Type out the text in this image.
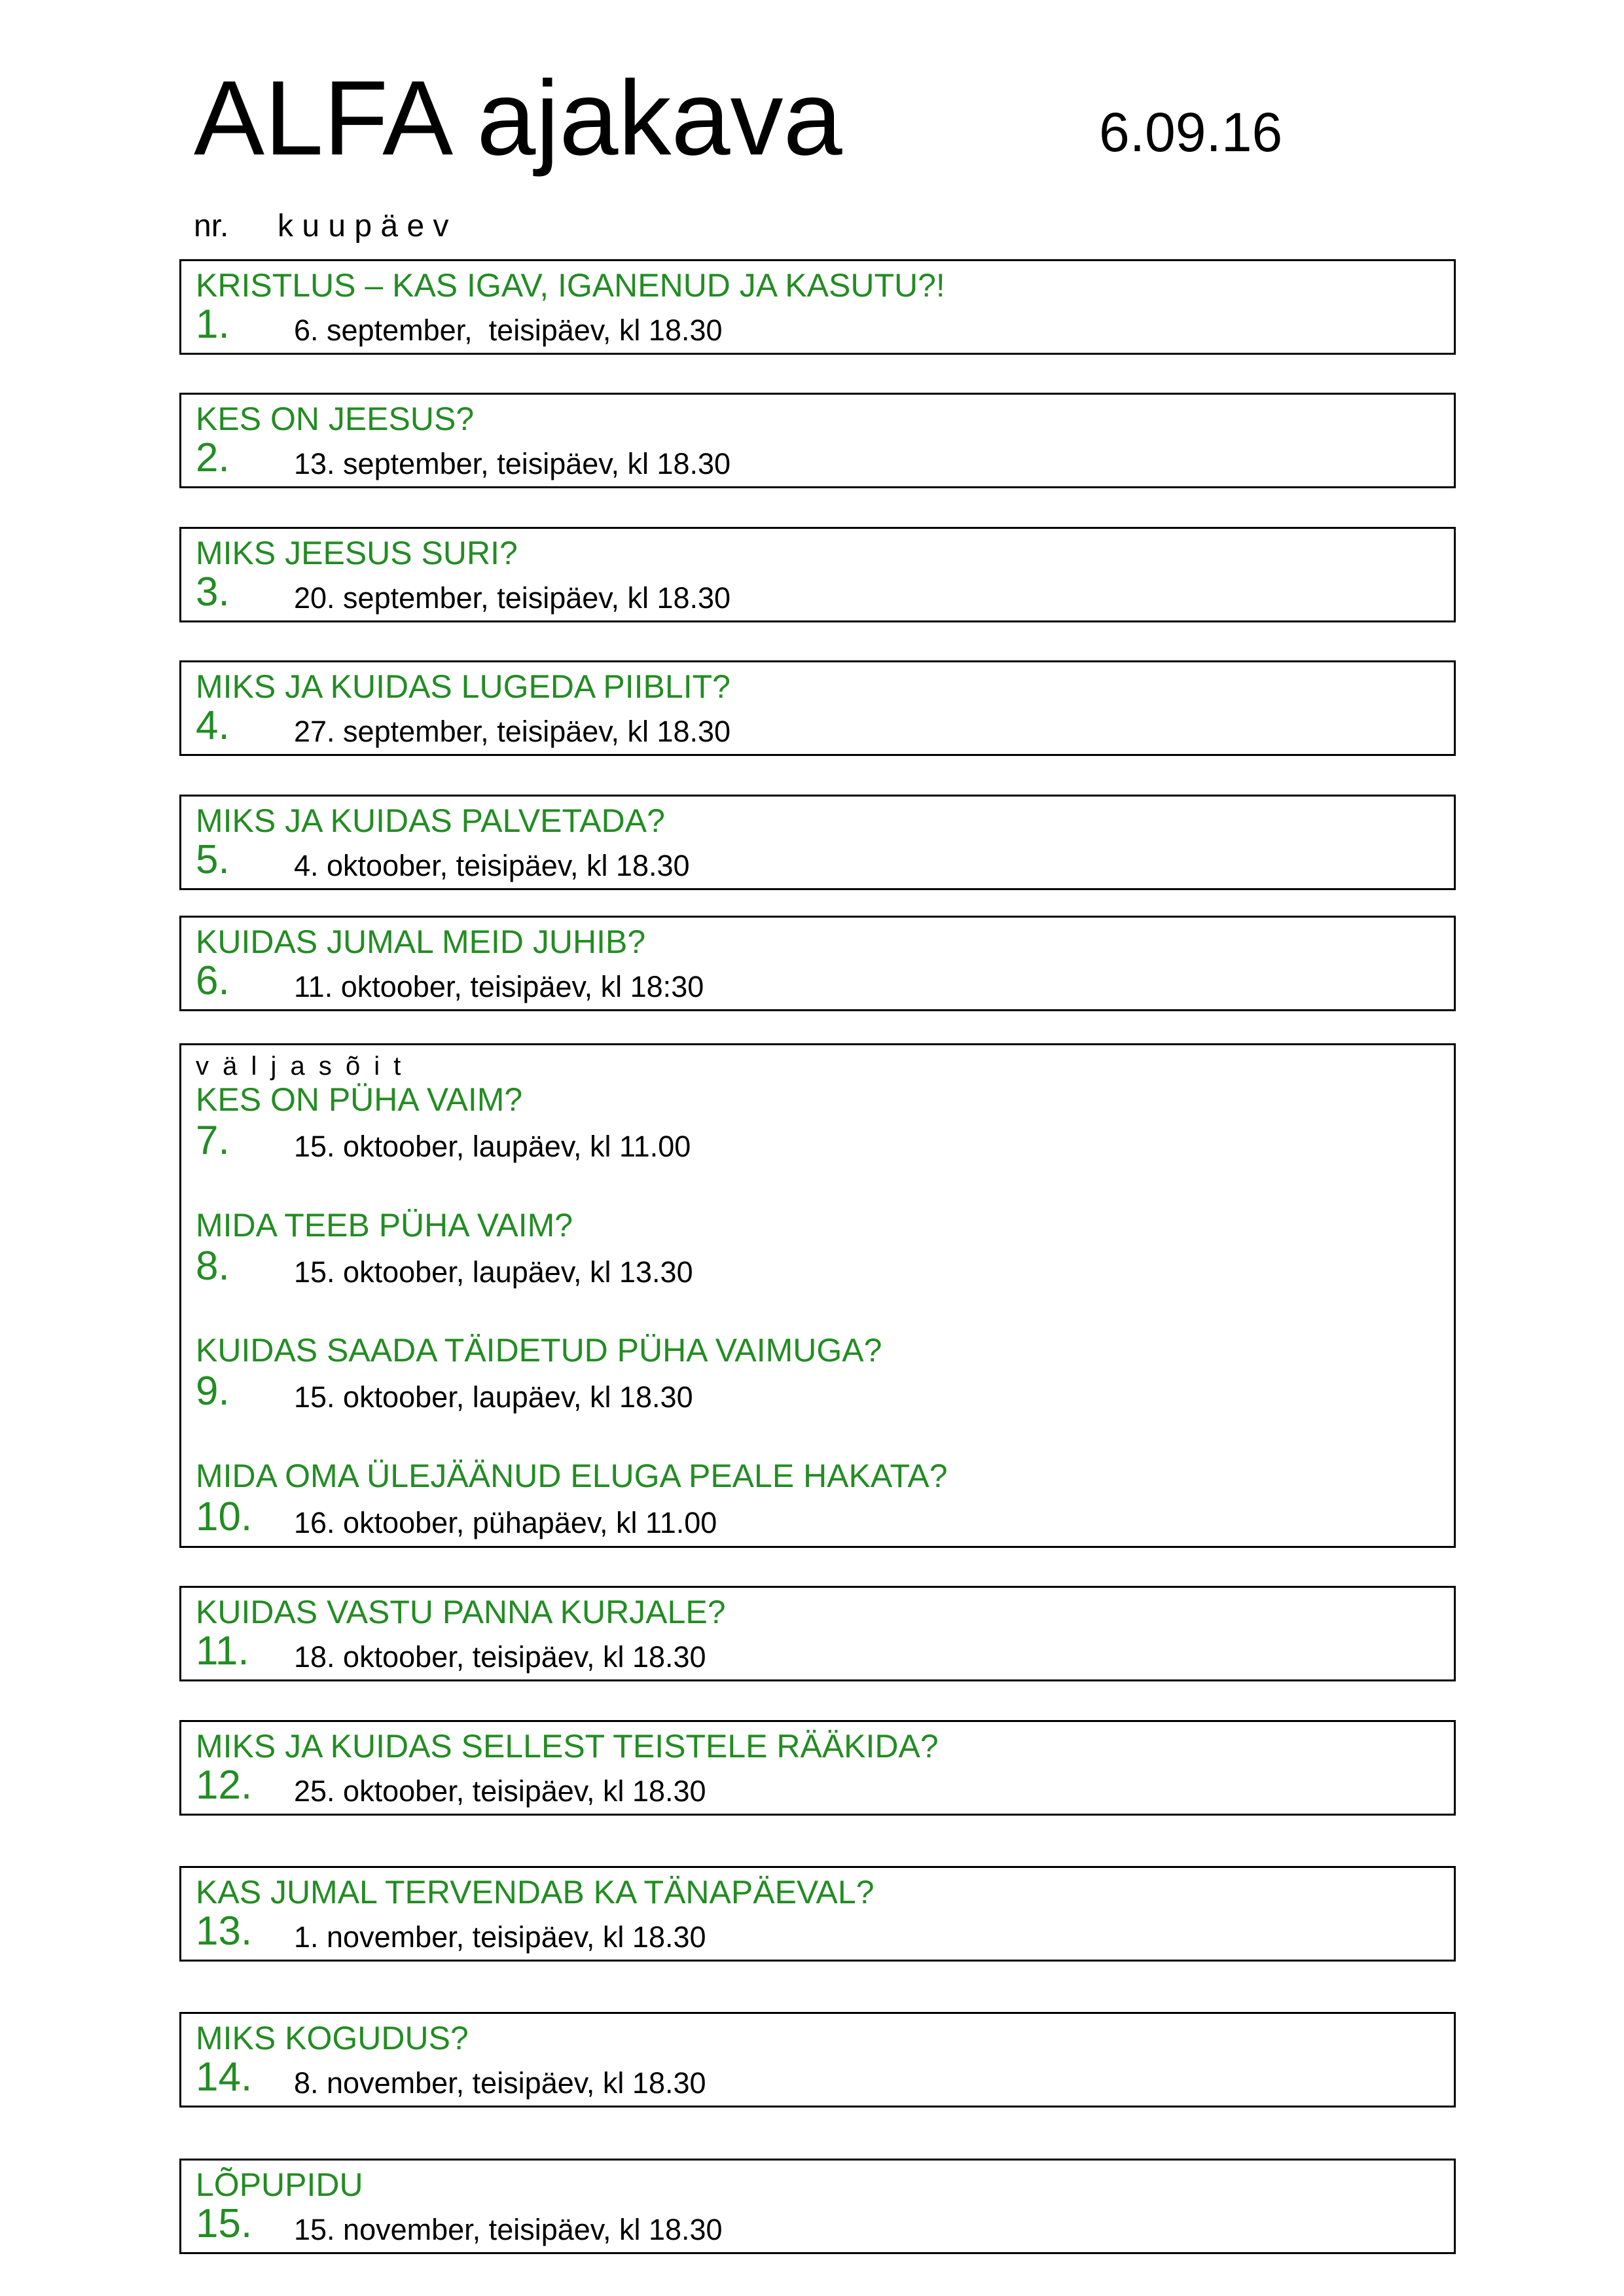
ALFA ajakava	6.09.16
nr. k u u p ä e v
KRISTLUS – KAS IGAV, IGANENUD JA KASUTU?!
1. 6. september,  teisipäev, kl 18.30
KES ON JEESUS?
2. 13. september, teisipäev, kl 18.30
MIKS JEESUS SURI?
3. 20. september, teisipäev, kl 18.30
MIKS JA KUIDAS LUGEDA PIIBLIT?
4. 27. september, teisipäev, kl 18.30
MIKS JA KUIDAS PALVETADA?
5. 4. oktoober, teisipäev, kl 18.30
KUIDAS JUMAL MEID JUHIB?
6. 11. oktoober, teisipäev, kl 18:30
v ä l j a s õ i t
KES ON PÜHA VAIM?
7. 15. oktoober, laupäev, kl 11.00
MIDA TEEB PÜHA VAIM?
8. 15. oktoober, laupäev, kl 13.30
KUIDAS SAADA TÄIDETUD PÜHA VAIMUGA?
9. 15. oktoober, laupäev, kl 18.30
MIDA OMA ÜLEJÄÄNUD ELUGA PEALE HAKATA?
10. 16. oktoober, pühapäev, kl 11.00
KUIDAS VASTU PANNA KURJALE?
11. 18. oktoober, teisipäev, kl 18.30
MIKS JA KUIDAS SELLEST TEISTELE RÄÄKIDA?
12. 25. oktoober, teisipäev, kl 18.30
KAS JUMAL TERVENDAB KA TÄNAPÄEVAL?
13. 1. november, teisipäev, kl 18.30
MIKS KOGUDUS?
14. 8. november, teisipäev, kl 18.30
LÕPUPIDU
15. 15. november, teisipäev, kl 18.30
